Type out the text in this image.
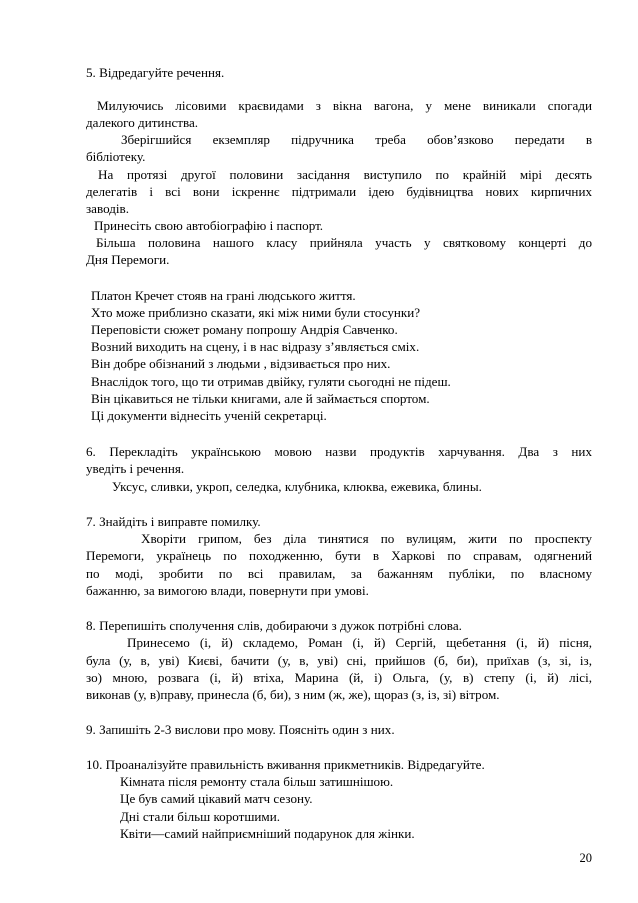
5. Відредагуйте речення.
Милуючись лісовими краєвидами з вікна вагона, у мене виникали спогади
далекого дитинства.
Зберігшийся екземпляр підручника треба обов’язково передати в
бібліотеку.
На протязі другої половини засідання виступило по крайній мірі десять
делегатів і всі вони іскреннє підтримали ідею будівництва нових кирпичних
заводів.
Принесіть свою автобіографію і паспорт.
Більша половина нашого класу прийняла участь у святковому концерті до
Дня Перемоги.
Платон Кречет стояв на грані людського життя.
Хто може приблизно сказати, які між ними були стосунки?
Переповісти сюжет роману попрошу Андрія Савченко.
Возний виходить на сцену, і в нас відразу з’являється сміх.
Він добре обізнаний з людьми , відзивається про них.
Внаслідок того, що ти отримав двійку, гуляти сьогодні не підеш.
Він цікавиться не тільки книгами, але й займається спортом.
Ці документи віднесіть ученій секретарці.
6. Перекладіть українською мовою назви продуктів харчування. Два з них
уведіть і речення.
Уксус, сливки, укроп, селедка, клубника, клюква, ежевика, блины.
7. Знайдіть і виправте помилку.
Хворіти грипом, без діла тинятися по вулицям, жити по проспекту
Перемоги, українець по походженню, бути в Харкові по справам, одягнений
по моді, зробити по всі правилам, за бажанням публіки, по власному
бажанню, за вимогою влади, повернути при умові.
8. Перепишіть сполучення слів, добираючи з дужок потрібні слова.
Принесемо (і, й) складемо, Роман (і, й) Сергій, щебетання (і, й) пісня,
була (у, в, уві) Києві, бачити (у, в, уві) сні, прийшов (б, би), приїхав (з, зі, із,
зо) мною, розвага (і, й) втіха, Марина (й, і) Ольга, (у, в) степу (і, й) лісі,
виконав (у, в)праву, принесла (б, би), з ним (ж, же), щораз (з, із, зі) вітром.
9. Запишіть 2-3 вислови про мову. Поясніть один з них.
10. Проаналізуйте правильність вживання прикметників. Відредагуйте.
Кімната після ремонту стала більш затишнішою.
Це був самий цікавий матч сезону.
Дні стали більш коротшими.
Квіти—самий найприємніший подарунок для жінки.
20
